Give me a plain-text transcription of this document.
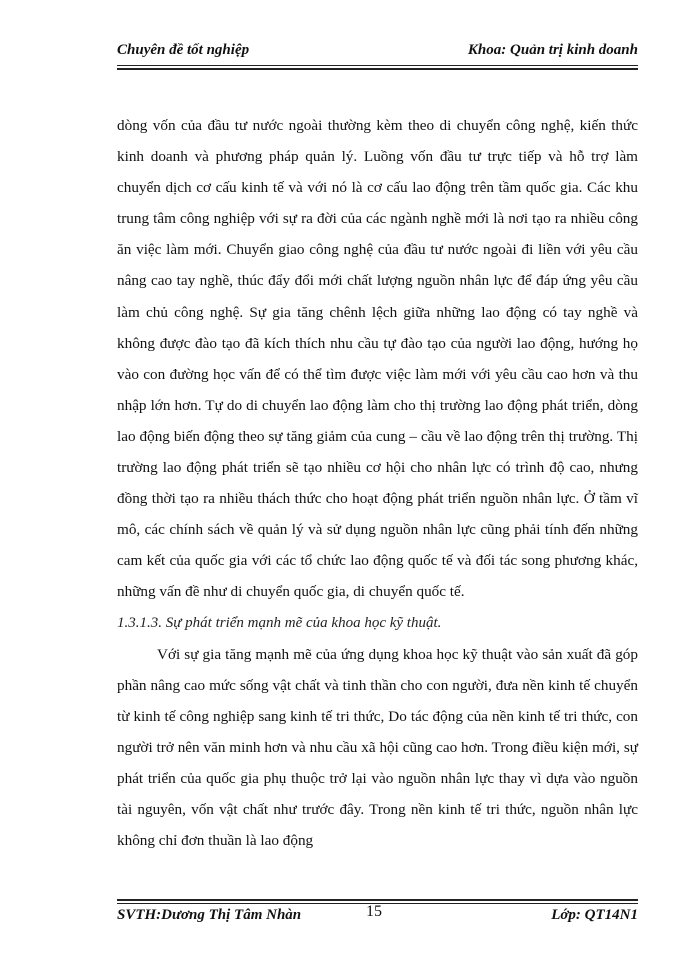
Chuyên đề tốt nghiệp	Khoa: Quản trị kinh doanh

dòng vốn của đầu tư nước ngoài thường kèm theo di chuyển công nghệ, kiến thức kinh doanh và phương pháp quản lý. Luồng vốn đầu tư trực tiếp và hỗ trợ làm chuyển dịch cơ cấu kinh tế và với nó là cơ cấu lao động trên tầm quốc gia. Các khu trung tâm công nghiệp với sự ra đời của các ngành nghề mới là nơi tạo ra nhiều công ăn việc làm mới. Chuyển giao công nghệ của đầu tư nước ngoài đi liền với yêu cầu nâng cao tay nghề, thúc đẩy đổi mới chất lượng nguồn nhân lực để đáp ứng yêu cầu làm chủ công nghệ. Sự gia tăng chênh lệch giữa những lao động có tay nghề và không được đào tạo đã kích thích nhu cầu tự đào tạo của người lao động, hướng họ vào con đường học vấn để có thể tìm được việc làm mới với yêu cầu cao hơn và thu nhập lớn hơn. Tự do di chuyển lao động làm cho thị trường lao động phát triển, dòng lao động biến động theo sự tăng giảm của cung – cầu về lao động trên thị trường. Thị trường lao động phát triển sẽ tạo nhiều cơ hội cho nhân lực có trình độ cao, nhưng đồng thời tạo ra nhiều thách thức cho hoạt động phát triển nguồn nhân lực. Ở tầm vĩ mô, các chính sách về quản lý và sử dụng nguồn nhân lực cũng phải tính đến những cam kết của quốc gia với các tổ chức lao động quốc tế và đối tác song phương khác, những vấn đề như di chuyển quốc gia, di chuyển quốc tế.

1.3.1.3. Sự phát triển mạnh mẽ của khoa học kỹ thuật.

Với sự gia tăng mạnh mẽ của ứng dụng khoa học kỹ thuật vào sản xuất đã góp phần nâng cao mức sống vật chất và tinh thần cho con người, đưa nền kinh tế chuyển từ kinh tế công nghiệp sang kinh tế tri thức, Do tác động của nền kinh tế tri thức, con người trở nên văn minh hơn và nhu cầu xã hội cũng cao hơn. Trong điều kiện mới, sự phát triển của quốc gia phụ thuộc trở lại vào nguồn nhân lực thay vì dựa vào nguồn tài nguyên, vốn vật chất như trước đây. Trong nền kinh tế tri thức, nguồn nhân lực không chỉ đơn thuần là lao động

SVTH:Dương Thị Tâm Nhàn	15	Lớp: QT14N1
